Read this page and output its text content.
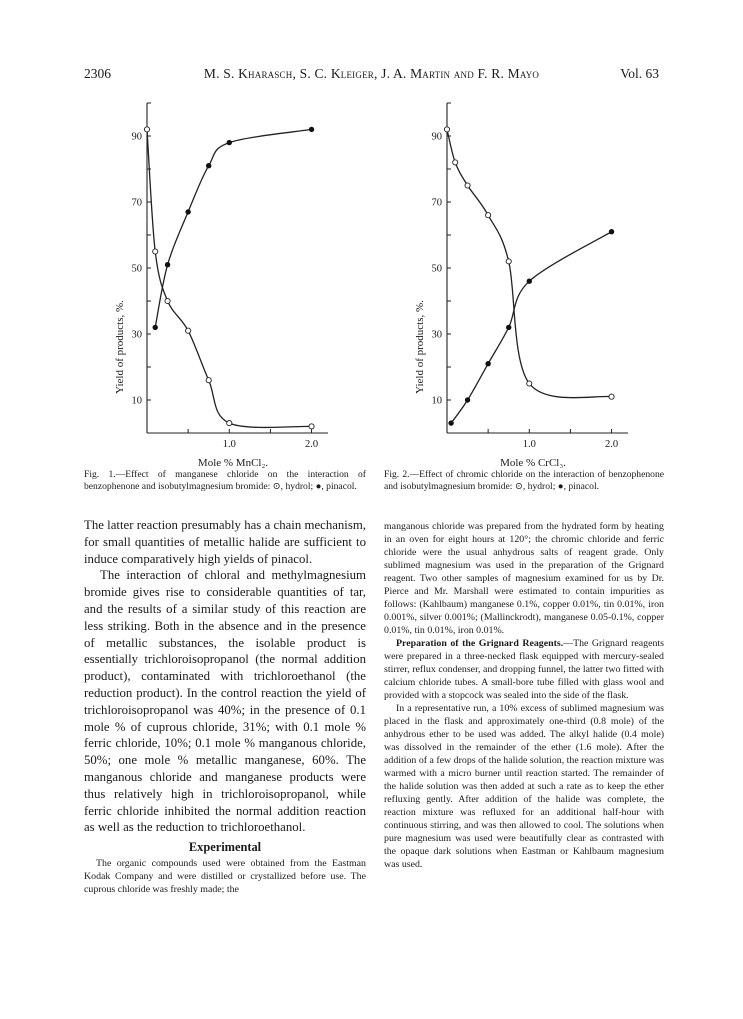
2306	M. S. Kharasch, S. C. Kleiger, J. A. Martin and F. R. Mayo	Vol. 63
Yield of products, %.
10
30
50
70
90
1.0	2.0
Mole % MnCl₂.
Yield of products, %.
10
30
50
70
90
1.0	2.0
Mole % CrCl₃.
Fig. 1.—Effect of manganese chloride on the interaction of benzophenone and isobutylmagnesium bromide: ⊙, hydrol; ●, pinacol.
Fig. 2.—Effect of chromic chloride on the interaction of benzophenone and isobutylmagnesium bromide: ⊙, hydrol; ●, pinacol.

The latter reaction presumably has a chain mechanism, for small quantities of metallic halide are sufficient to induce comparatively high yields of pinacol.

The interaction of chloral and methylmagnesium bromide gives rise to considerable quantities of tar, and the results of a similar study of this reaction are less striking. Both in the absence and in the presence of metallic substances, the isolable product is essentially trichloroisopropanol (the normal addition product), contaminated with trichloroethanol (the reduction product). In the control reaction the yield of trichloroisopropanol was 40%; in the presence of 0.1 mole % of cuprous chloride, 31%; with 0.1 mole % ferric chloride, 10%; 0.1 mole % manganous chloride, 50%; one mole % metallic manganese, 60%. The manganous chloride and manganese products were thus relatively high in trichloroisopropanol, while ferric chloride inhibited the normal addition reaction as well as the reduction to trichloroethanol.

Experimental

The organic compounds used were obtained from the Eastman Kodak Company and were distilled or crystallized before use. The cuprous chloride was freshly made; the

manganous chloride was prepared from the hydrated form by heating in an oven for eight hours at 120°; the chromic chloride and ferric chloride were the usual anhydrous salts of reagent grade. Only sublimed magnesium was used in the preparation of the Grignard reagent. Two other samples of magnesium examined for us by Dr. Pierce and Mr. Marshall were estimated to contain impurities as follows: (Kahlbaum) manganese 0.1%, copper 0.01%, tin 0.01%, iron 0.001%, silver 0.001%; (Mallinckrodt), manganese 0.05-0.1%, copper 0.01%, tin 0.01%, iron 0.01%.

Preparation of the Grignard Reagents.—The Grignard reagents were prepared in a three-necked flask equipped with mercury-sealed stirrer, reflux condenser, and dropping funnel, the latter two fitted with calcium chloride tubes. A small-bore tube filled with glass wool and provided with a stopcock was sealed into the side of the flask.

In a representative run, a 10% excess of sublimed magnesium was placed in the flask and approximately one-third (0.8 mole) of the anhydrous ether to be used was added. The alkyl halide (0.4 mole) was dissolved in the remainder of the ether (1.6 mole). After the addition of a few drops of the halide solution, the reaction mixture was warmed with a micro burner until reaction started. The remainder of the halide solution was then added at such a rate as to keep the ether refluxing gently. After addition of the halide was complete, the reaction mixture was refluxed for an additional half-hour with continuous stirring, and was then allowed to cool. The solutions when pure magnesium was used were beautifully clear as contrasted with the opaque dark solutions when Eastman or Kahlbaum magnesium was used.
